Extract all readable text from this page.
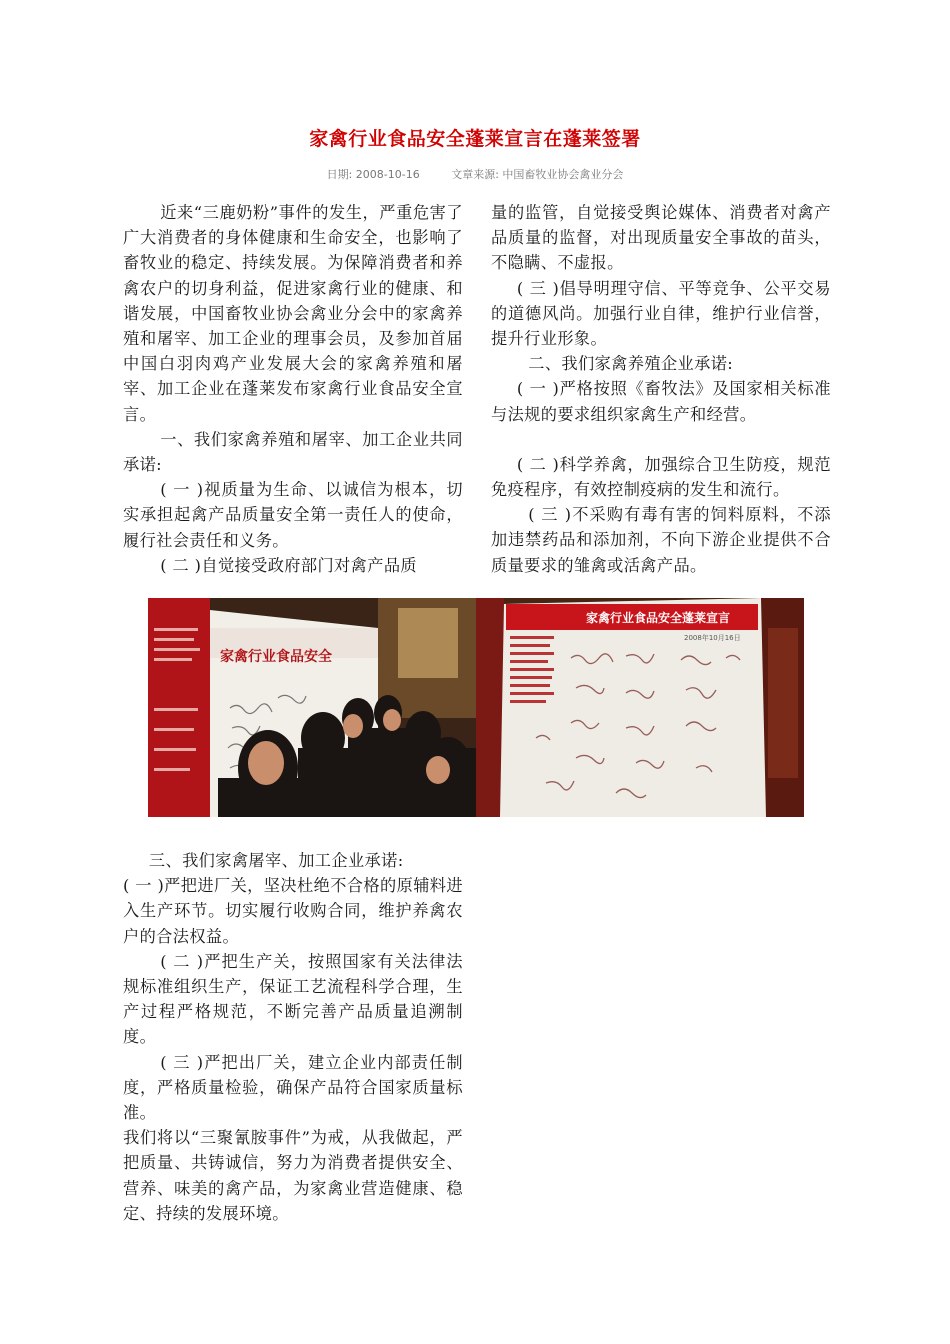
家禽行业食品安全蓬莱宣言在蓬莱签署
日期: 2008-10-16	文章来源: 中国畜牧业协会禽业分会

近来“三鹿奶粉”事件的发生，严重危害了广大消费者的身体健康和生命安全，也影响了畜牧业的稳定、持续发展。为保障消费者和养禽农户的切身利益，促进家禽行业的健康、和谐发展，中国畜牧业协会禽业分会中的家禽养殖和屠宰、加工企业的理事会员，及参加首届中国白羽肉鸡产业发展大会的家禽养殖和屠宰、加工企业在蓬莱发布家禽行业食品安全宣言。

一、我们家禽养殖和屠宰、加工企业共同承诺:

( 一 )视质量为生命、以诚信为根本，切实承担起禽产品质量安全第一责任人的使命，履行社会责任和义务。

( 二 )自觉接受政府部门对禽产品质

量的监管，自觉接受舆论媒体、消费者对禽产品质量的监督，对出现质量安全事故的苗头，不隐瞒、不虚报。

( 三 )倡导明理守信、平等竞争、公平交易的道德风尚。加强行业自律，维护行业信誉，提升行业形象。

二、我们家禽养殖企业承诺:

( 一 )严格按照《畜牧法》及国家相关标准与法规的要求组织家禽生产和经营。

( 二 )科学养禽，加强综合卫生防疫，规范免疫程序，有效控制疫病的发生和流行。

( 三 )不采购有毒有害的饲料原料，不添加违禁药品和添加剂，不向下游企业提供不合质量要求的雏禽或活禽产品。

家禽行业食品安全
家禽行业食品安全蓬莱宣言
2008年10月16日

三、我们家禽屠宰、加工企业承诺:

( 一 )严把进厂关，坚决杜绝不合格的原辅料进入生产环节。切实履行收购合同，维护养禽农户的合法权益。

( 二 )严把生产关，按照国家有关法律法规标准组织生产，保证工艺流程科学合理，生产过程严格规范，不断完善产品质量追溯制度。

( 三 )严把出厂关，建立企业内部责任制度，严格质量检验，确保产品符合国家质量标准。

我们将以“三聚氰胺事件”为戒，从我做起，严把质量、共铸诚信，努力为消费者提供安全、营养、味美的禽产品，为家禽业营造健康、稳定、持续的发展环境。
